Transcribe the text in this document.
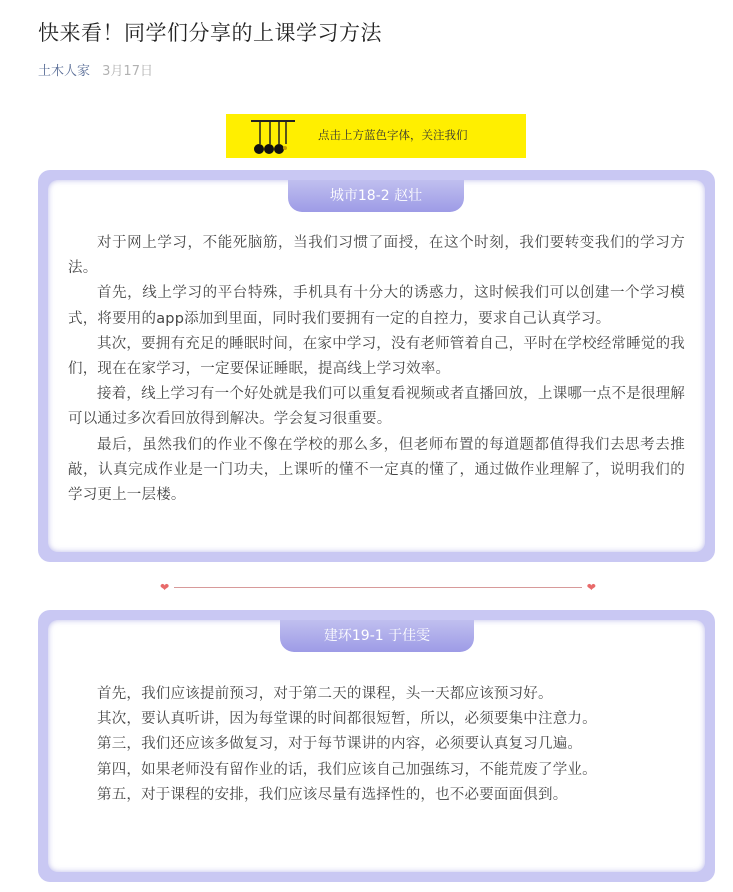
快来看！同学们分享的上课学习方法
土木人家 3月17日
点击上方蓝色字体，关注我们
城市18-2 赵壮

对于网上学习，不能死脑筋，当我们习惯了面授，在这个时刻，我们要转变我们的学习方法。

首先，线上学习的平台特殊，手机具有十分大的诱惑力，这时候我们可以创建一个学习模式，将要用的app添加到里面，同时我们要拥有一定的自控力，要求自己认真学习。

其次，要拥有充足的睡眠时间，在家中学习，没有老师管着自己，平时在学校经常睡觉的我们，现在在家学习，一定要保证睡眠，提高线上学习效率。

接着，线上学习有一个好处就是我们可以重复看视频或者直播回放，上课哪一点不是很理解可以通过多次看回放得到解决。学会复习很重要。

最后，虽然我们的作业不像在学校的那么多，但老师布置的每道题都值得我们去思考去推敲，认真完成作业是一门功夫，上课听的懂不一定真的懂了，通过做作业理解了，说明我们的学习更上一层楼。

❤	❤
建环19-1 于佳雯

首先，我们应该提前预习，对于第二天的课程，头一天都应该预习好。

其次，要认真听讲，因为每堂课的时间都很短暂，所以，必须要集中注意力。

第三，我们还应该多做复习，对于每节课讲的内容，必须要认真复习几遍。

第四，如果老师没有留作业的话，我们应该自己加强练习，不能荒废了学业。

第五，对于课程的安排，我们应该尽量有选择性的，也不必要面面俱到。
